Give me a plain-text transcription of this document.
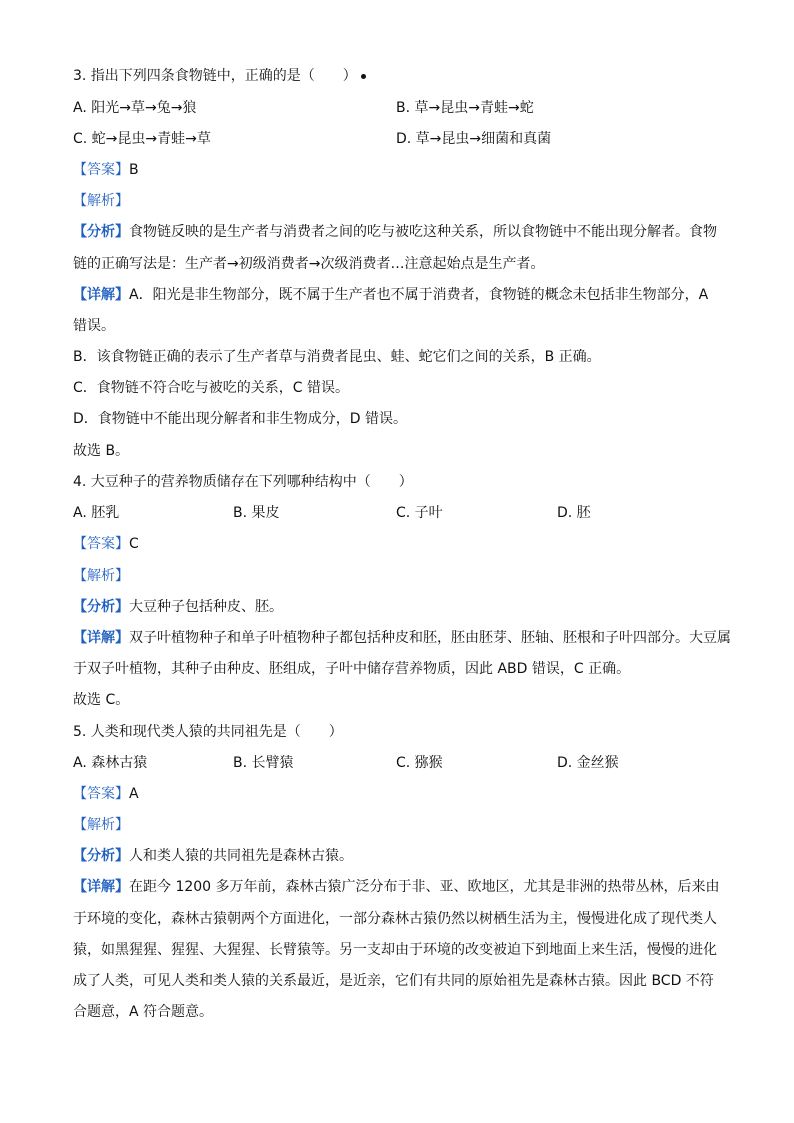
3. 指出下列四条食物链中，正确的是（　　）
A. 阳光→草→兔→狼	B. 草→昆虫→青蛙→蛇
C. 蛇→昆虫→青蛙→草	D. 草→昆虫→细菌和真菌
【答案】B
【解析】
【分析】食物链反映的是生产者与消费者之间的吃与被吃这种关系，所以食物链中不能出现分解者。食物
链的正确写法是：生产者→初级消费者→次级消费者…注意起始点是生产者。
【详解】A．阳光是非生物部分，既不属于生产者也不属于消费者，食物链的概念未包括非生物部分，A
错误。
B．该食物链正确的表示了生产者草与消费者昆虫、蛙、蛇它们之间的关系，B 正确。
C．食物链不符合吃与被吃的关系，C 错误。
D．食物链中不能出现分解者和非生物成分，D 错误。
故选 B。
4. 大豆种子的营养物质储存在下列哪种结构中（　　）
A. 胚乳	B. 果皮	C. 子叶	D. 胚
【答案】C
【解析】
【分析】大豆种子包括种皮、胚。
【详解】双子叶植物种子和单子叶植物种子都包括种皮和胚，胚由胚芽、胚轴、胚根和子叶四部分。大豆属
于双子叶植物，其种子由种皮、胚组成，子叶中储存营养物质，因此 ABD 错误，C 正确。
故选 C。
5. 人类和现代类人猿的共同祖先是（　　）
A. 森林古猿	B. 长臂猿	C. 猕猴	D. 金丝猴
【答案】A
【解析】
【分析】人和类人猿的共同祖先是森林古猿。
【详解】在距今 1200 多万年前，森林古猿广泛分布于非、亚、欧地区，尤其是非洲的热带丛林，后来由
于环境的变化，森林古猿朝两个方面进化，一部分森林古猿仍然以树栖生活为主，慢慢进化成了现代类人
猿，如黑猩猩、猩猩、大猩猩、长臂猿等。另一支却由于环境的改变被迫下到地面上来生活，慢慢的进化
成了人类，可见人类和类人猿的关系最近，是近亲，它们有共同的原始祖先是森林古猿。因此 BCD 不符
合题意，A 符合题意。
